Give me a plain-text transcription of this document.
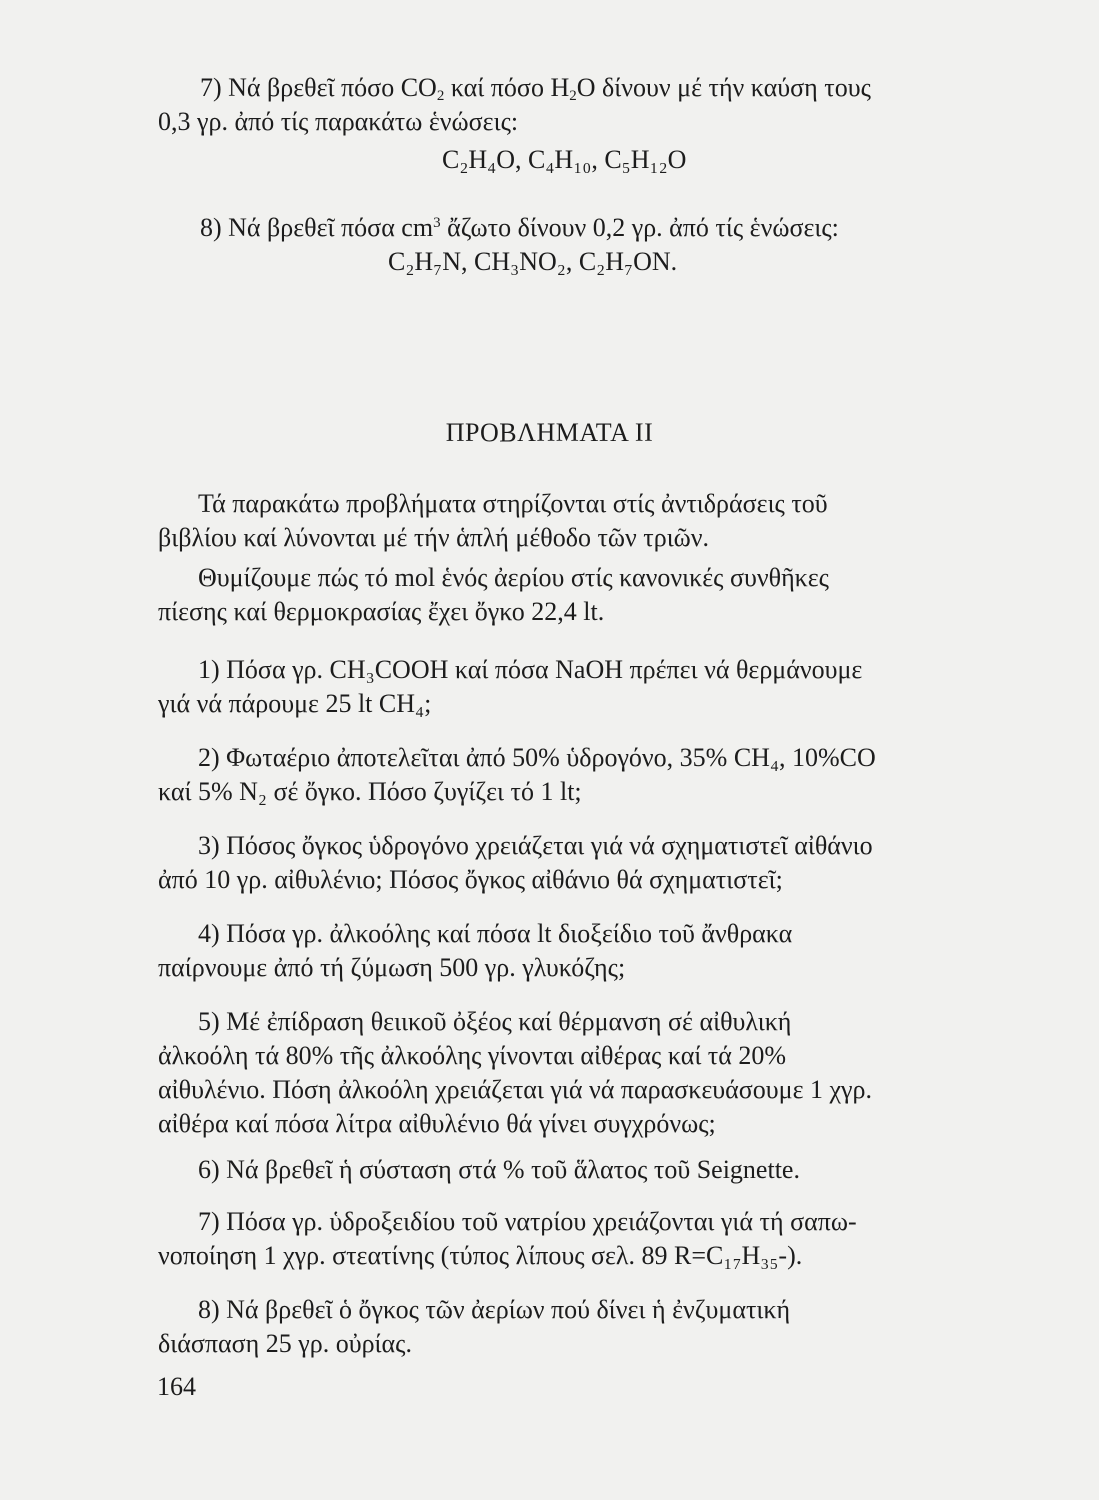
7) Νά βρεθεῖ πόσο $CO_2$ καί πόσο $H_2O$ δίνουν μέ τήν καύση τους
0,3 γρ. ἀπό τίς παρακάτω ἑνώσεις:
C₂H₄O, C₄H₁₀, C₅H₁₂O
8) Νά βρεθεῖ πόσα $cm^3$ ἄζωτο δίνουν 0,2 γρ. ἀπό τίς ἑνώσεις:
C₂H₇N, CH₃NO₂, C₂H₇ON.
ΠΡΟΒΛΗΜΑΤΑ ΙΙ
Τά παρακάτω προβλήματα στηρίζονται στίς ἀντιδράσεις τοῦ
βιβλίου καί λύνονται μέ τήν ἁπλή μέθοδο τῶν τριῶν.
Θυμίζουμε πώς τό mol ἑνός ἀερίου στίς κανονικές συνθῆκες
πίεσης καί θερμοκρασίας ἔχει ὄγκο 22,4 lt.
1) Πόσα γρ. CH₃COOH καί πόσα NaOH πρέπει νά θερμάνουμε
γιά νά πάρουμε 25 lt CH₄;
2) Φωταέριο ἀποτελεῖται ἀπό 50% ὑδρογόνο, 35% CH₄, 10%CO
καί 5% N₂ σέ ὄγκο. Πόσο ζυγίζει τό 1 lt;
3) Πόσος ὄγκος ὑδρογόνο χρειάζεται γιά νά σχηματιστεῖ αἰθάνιο
ἀπό 10 γρ. αἰθυλένιο; Πόσος ὄγκος αἰθάνιο θά σχηματιστεῖ;
4) Πόσα γρ. ἀλκοόλης καί πόσα lt διοξείδιο τοῦ ἄνθρακα
παίρνουμε ἀπό τή ζύμωση 500 γρ. γλυκόζης;
5) Μέ ἐπίδραση θειικοῦ ὀξέος καί θέρμανση σέ αἰθυλική
ἀλκοόλη τά 80% τῆς ἀλκοόλης γίνονται αἰθέρας καί τά 20%
αἰθυλένιο. Πόση ἀλκοόλη χρειάζεται γιά νά παρασκευάσουμε 1 χγρ.
αἰθέρα καί πόσα λίτρα αἰθυλένιο θά γίνει συγχρόνως;
6) Νά βρεθεῖ ἡ σύσταση στά % τοῦ ἅλατος τοῦ Seignette.
7) Πόσα γρ. ὑδροξειδίου τοῦ νατρίου χρειάζονται γιά τή σαπω-
νοποίηση 1 χγρ. στεατίνης (τύπος λίπους σελ. 89 R=C₁₇H₃₅-).
8) Νά βρεθεῖ ὁ ὄγκος τῶν ἀερίων πού δίνει ἡ ἐνζυματική
διάσπαση 25 γρ. οὐρίας.
164
